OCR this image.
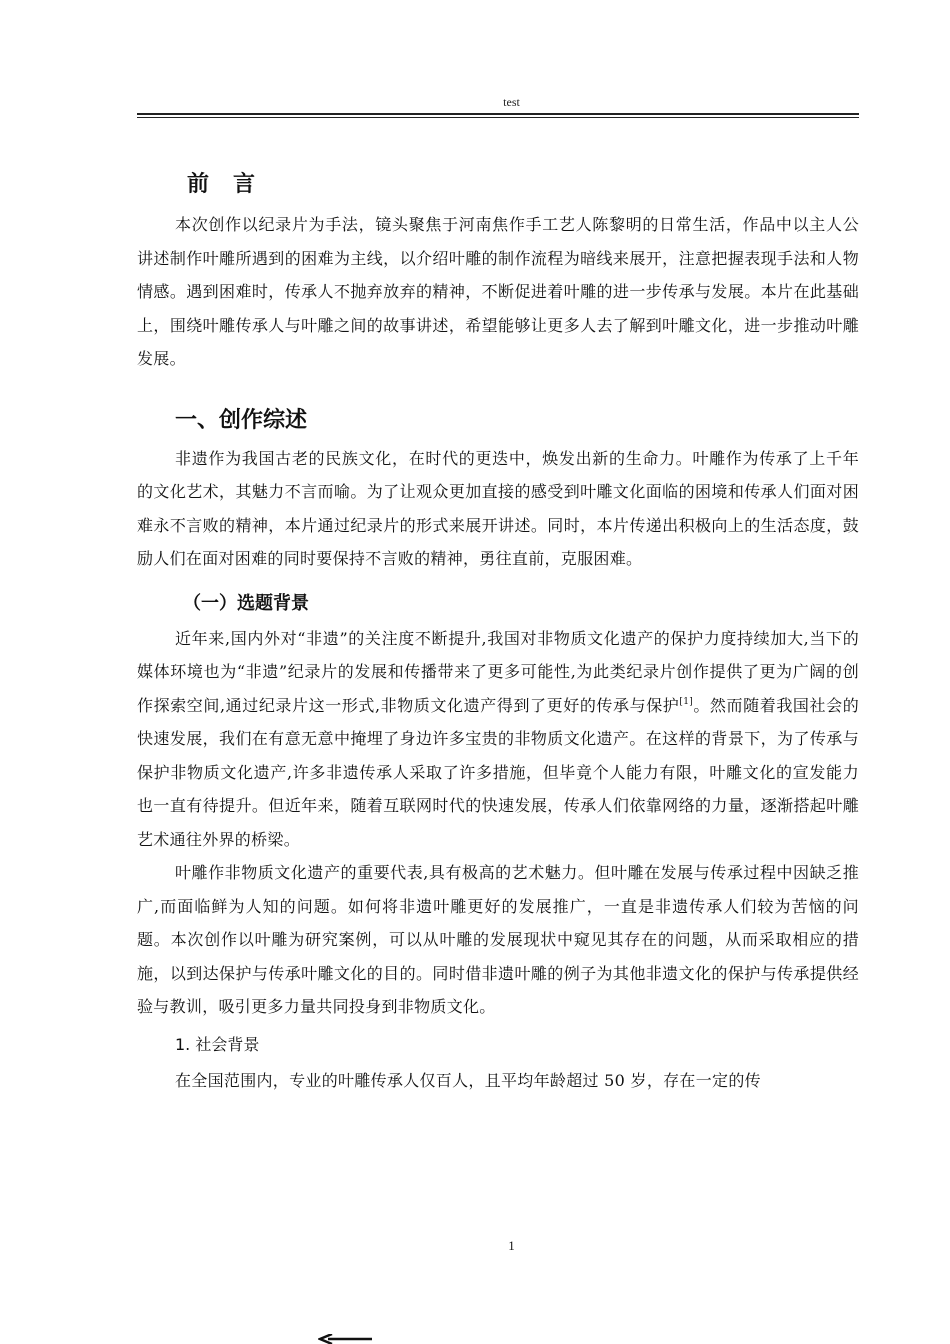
test
前言

本次创作以纪录片为手法，镜头聚焦于河南焦作手工艺人陈黎明的日常生活，作品中以主人公讲述制作叶雕所遇到的困难为主线，以介绍叶雕的制作流程为暗线来展开，注意把握表现手法和人物情感。遇到困难时，传承人不抛弃放弃的精神，不断促进着叶雕的进一步传承与发展。本片在此基础上，围绕叶雕传承人与叶雕之间的故事讲述，希望能够让更多人去了解到叶雕文化，进一步推动叶雕发展。

一、创作综述

非遗作为我国古老的民族文化，在时代的更迭中，焕发出新的生命力。叶雕作为传承了上千年的文化艺术，其魅力不言而喻。为了让观众更加直接的感受到叶雕文化面临的困境和传承人们面对困难永不言败的精神，本片通过纪录片的形式来展开讲述。同时，本片传递出积极向上的生活态度，鼓励人们在面对困难的同时要保持不言败的精神，勇往直前，克服困难。

（一）选题背景

近年来,国内外对“非遗”的关注度不断提升,我国对非物质文化遗产的保护力度持续加大,当下的媒体环境也为“非遗”纪录片的发展和传播带来了更多可能性,为此类纪录片创作提供了更为广阔的创作探索空间,通过纪录片这一形式,非物质文化遗产得到了更好的传承与保护[1]。然而随着我国社会的快速发展，我们在有意无意中掩埋了身边许多宝贵的非物质文化遗产。在这样的背景下，为了传承与保护非物质文化遗产,许多非遗传承人采取了许多措施，但毕竟个人能力有限，叶雕文化的宣发能力也一直有待提升。但近年来，随着互联网时代的快速发展，传承人们依靠网络的力量，逐渐搭起叶雕艺术通往外界的桥梁。

叶雕作非物质文化遗产的重要代表,具有极高的艺术魅力。但叶雕在发展与传承过程中因缺乏推广,而面临鲜为人知的问题。如何将非遗叶雕更好的发展推广，一直是非遗传承人们较为苦恼的问题。本次创作以叶雕为研究案例，可以从叶雕的发展现状中窥见其存在的问题，从而采取相应的措施，以到达保护与传承叶雕文化的目的。同时借非遗叶雕的例子为其他非遗文化的保护与传承提供经验与教训，吸引更多力量共同投身到非物质文化。

1. 社会背景

在全国范围内，专业的叶雕传承人仅百人，且平均年龄超过 50 岁，存在一定的传

1
